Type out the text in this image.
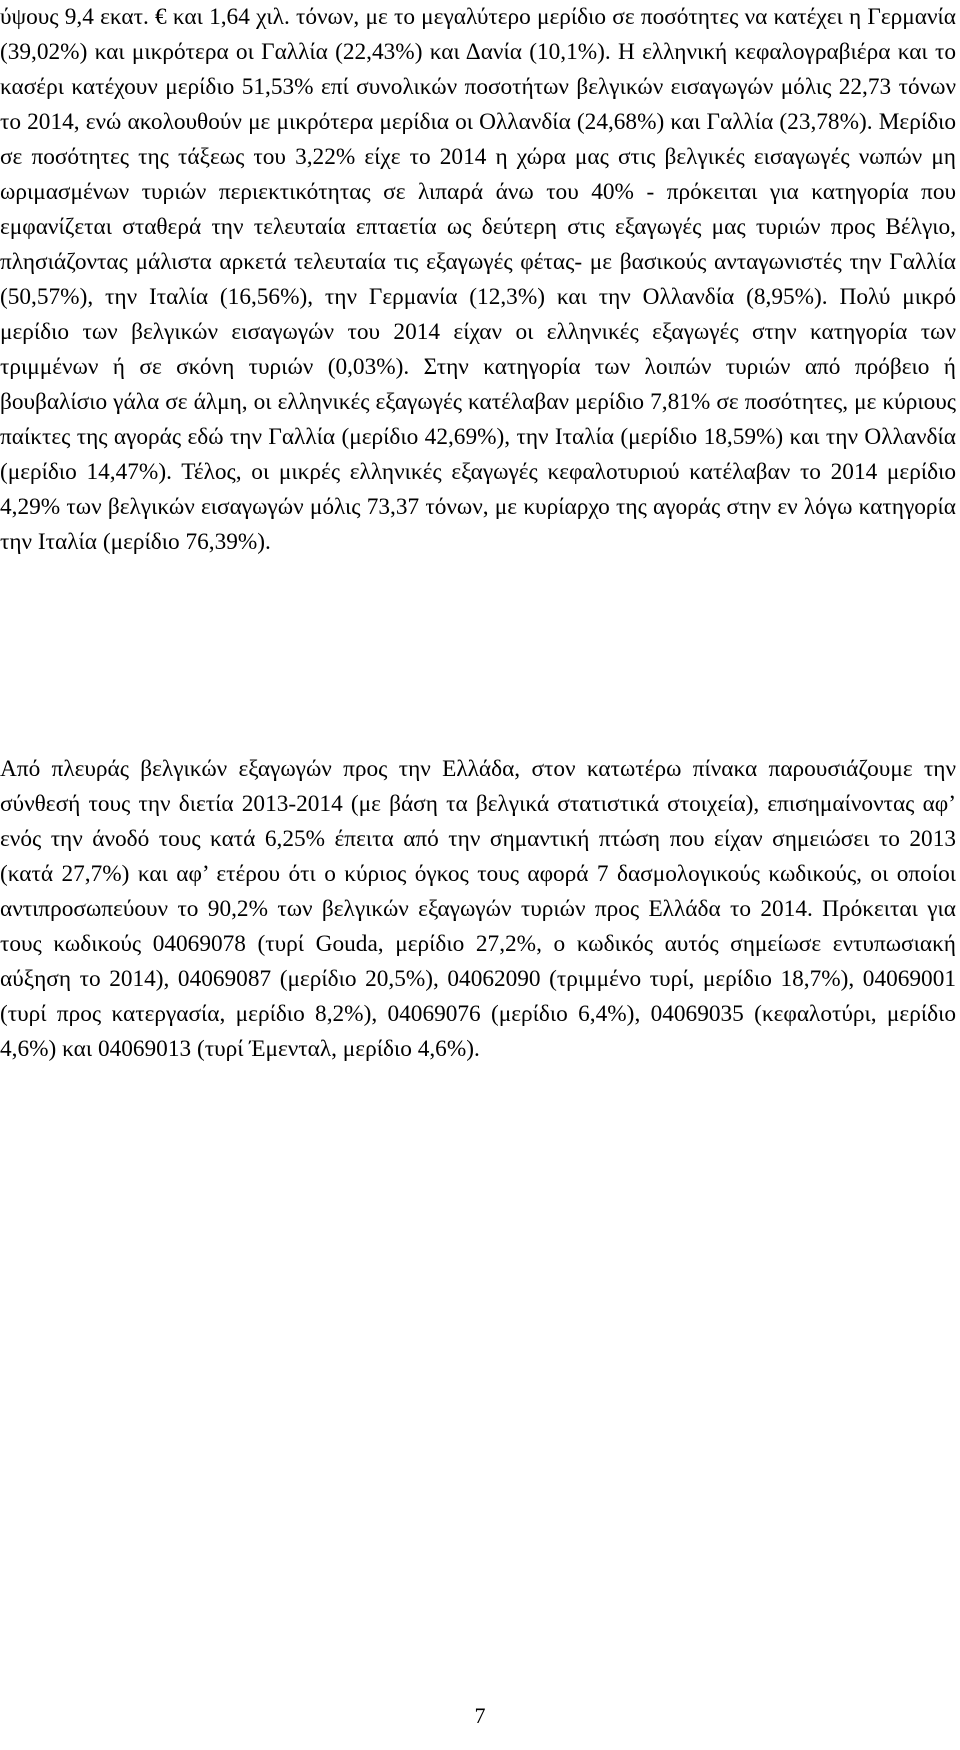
ύψους 9,4 εκατ. € και 1,64 χιλ. τόνων, με το μεγαλύτερο μερίδιο σε ποσότητες να κατέχει η Γερμανία (39,02%) και μικρότερα οι Γαλλία (22,43%) και Δανία (10,1%). Η ελληνική κεφαλογραβιέρα και το κασέρι κατέχουν μερίδιο 51,53% επί συνολικών ποσοτήτων βελγικών εισαγωγών μόλις 22,73 τόνων το 2014, ενώ ακολουθούν με μικρότερα μερίδια οι Ολλανδία (24,68%) και Γαλλία (23,78%). Μερίδιο σε ποσότητες της τάξεως του 3,22% είχε το 2014 η χώρα μας στις βελγικές εισαγωγές νωπών μη ωριμασμένων τυριών περιεκτικότητας σε λιπαρά άνω του 40% - πρόκειται για κατηγορία που εμφανίζεται σταθερά την τελευταία επταετία ως δεύτερη στις εξαγωγές μας τυριών προς Βέλγιο, πλησιάζοντας μάλιστα αρκετά τελευταία τις εξαγωγές φέτας- με βασικούς ανταγωνιστές την Γαλλία (50,57%), την Ιταλία (16,56%), την Γερμανία (12,3%) και την Ολλανδία (8,95%). Πολύ μικρό μερίδιο των βελγικών εισαγωγών του 2014 είχαν οι ελληνικές εξαγωγές στην κατηγορία των τριμμένων ή σε σκόνη τυριών (0,03%). Στην κατηγορία των λοιπών τυριών από πρόβειο ή βουβαλίσιο γάλα σε άλμη, οι ελληνικές εξαγωγές κατέλαβαν μερίδιο 7,81% σε ποσότητες, με κύριους παίκτες της αγοράς εδώ την Γαλλία (μερίδιο 42,69%), την Ιταλία (μερίδιο 18,59%) και την Ολλανδία (μερίδιο 14,47%). Τέλος, οι μικρές ελληνικές εξαγωγές κεφαλοτυριού κατέλαβαν το 2014 μερίδιο 4,29% των βελγικών εισαγωγών μόλις 73,37 τόνων, με κυρίαρχο της αγοράς στην εν λόγω κατηγορία την Ιταλία (μερίδιο 76,39%).

Από πλευράς βελγικών εξαγωγών προς την Ελλάδα, στον κατωτέρω πίνακα παρουσιάζουμε την σύνθεσή τους την διετία 2013-2014 (με βάση τα βελγικά στατιστικά στοιχεία), επισημαίνοντας αφ’ ενός την άνοδό τους κατά 6,25% έπειτα από την σημαντική πτώση που είχαν σημειώσει το 2013 (κατά 27,7%) και αφ’ ετέρου ότι ο κύριος όγκος τους αφορά 7 δασμολογικούς κωδικούς, οι οποίοι αντιπροσωπεύουν το 90,2% των βελγικών εξαγωγών τυριών προς Ελλάδα το 2014. Πρόκειται για τους κωδικούς 04069078 (τυρί Gouda, μερίδιο 27,2%, ο κωδικός αυτός σημείωσε εντυπωσιακή αύξηση το 2014), 04069087 (μερίδιο 20,5%), 04062090 (τριμμένο τυρί, μερίδιο 18,7%), 04069001 (τυρί προς κατεργασία, μερίδιο 8,2%), 04069076 (μερίδιο 6,4%), 04069035 (κεφαλοτύρι, μερίδιο 4,6%) και 04069013 (τυρί Έμενταλ, μερίδιο 4,6%).

7
